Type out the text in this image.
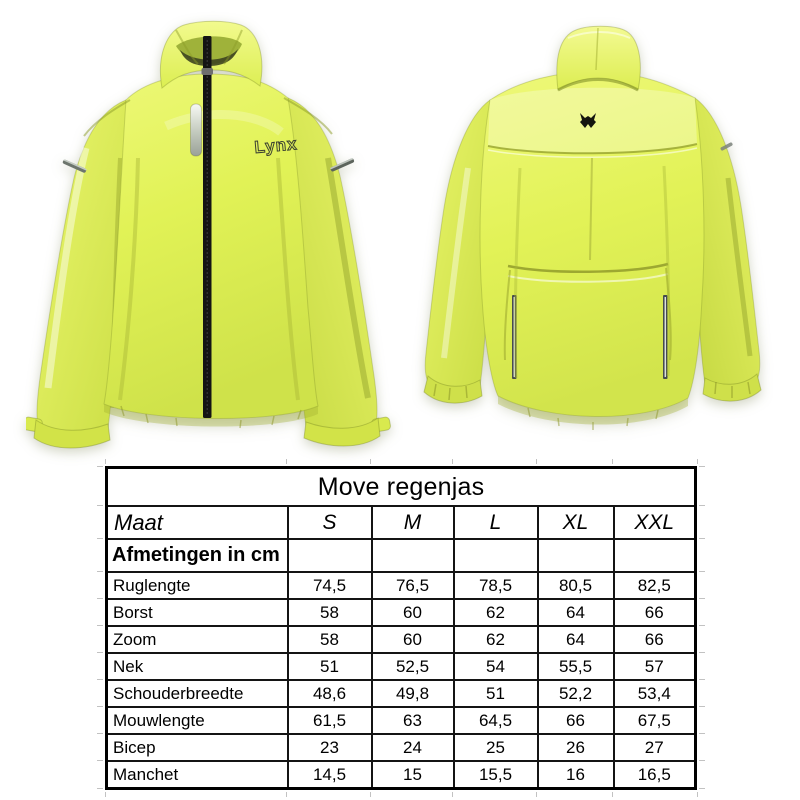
Lynx
Move regenjas					
Maat	S	M	L	XL	XXL
Afmetingen in cm					
Ruglengte	74,5	76,5	78,5	80,5	82,5
Borst	58	60	62	64	66
Zoom	58	60	62	64	66
Nek	51	52,5	54	55,5	57
Schouderbreedte	48,6	49,8	51	52,2	53,4
Mouwlengte	61,5	63	64,5	66	67,5
Bicep	23	24	25	26	27
Manchet	14,5	15	15,5	16	16,5
